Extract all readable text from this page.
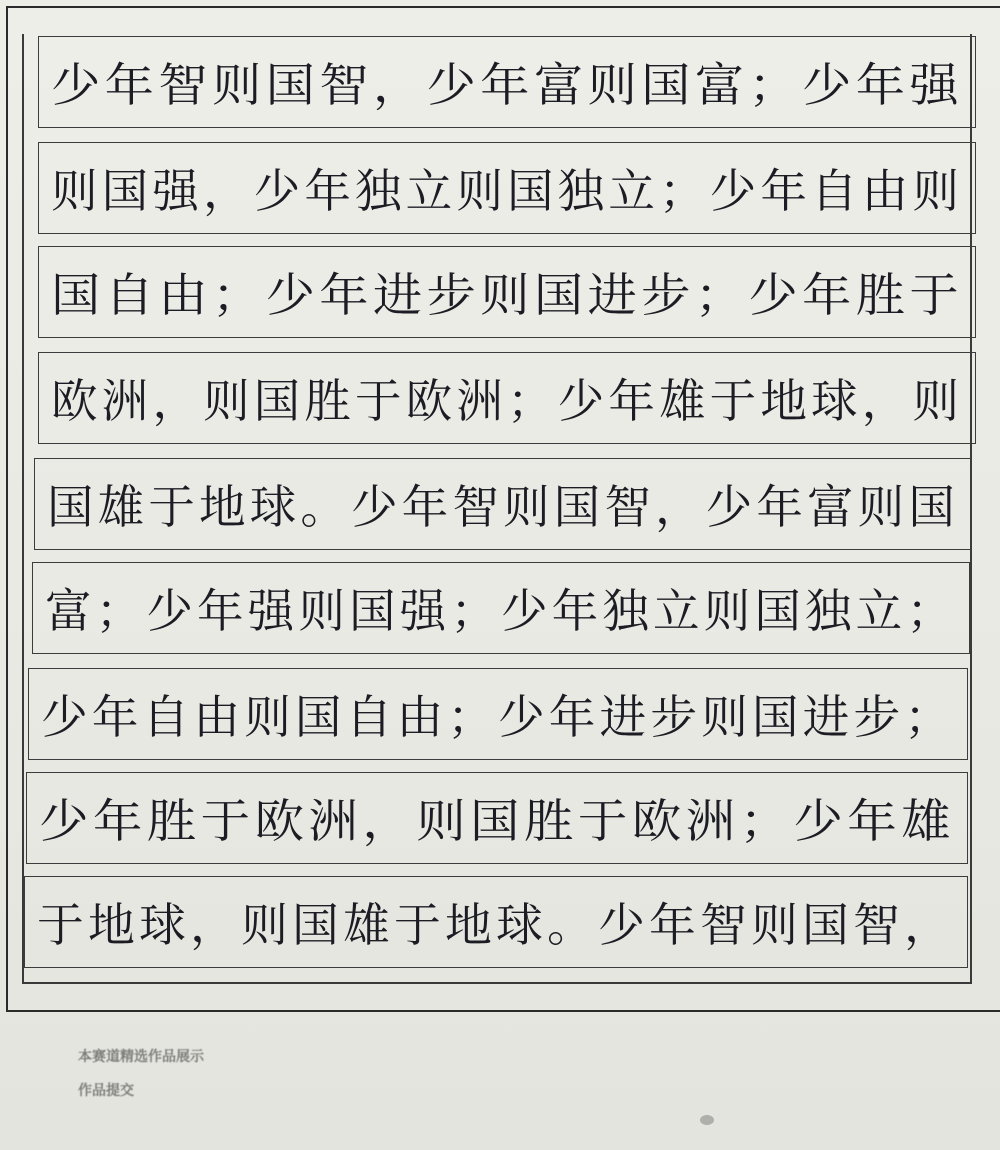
少年智则国智，少年富则国富；少年强
则国强，少年独立则国独立；少年自由则
国自由；少年进步则国进步；少年胜于
欧洲，则国胜于欧洲；少年雄于地球，则
国雄于地球。少年智则国智，少年富则国
富；少年强则国强；少年独立则国独立；
少年自由则国自由；少年进步则国进步；
少年胜于欧洲，则国胜于欧洲；少年雄
于地球，则国雄于地球。少年智则国智，
本赛道精选作品展示
作品提交
